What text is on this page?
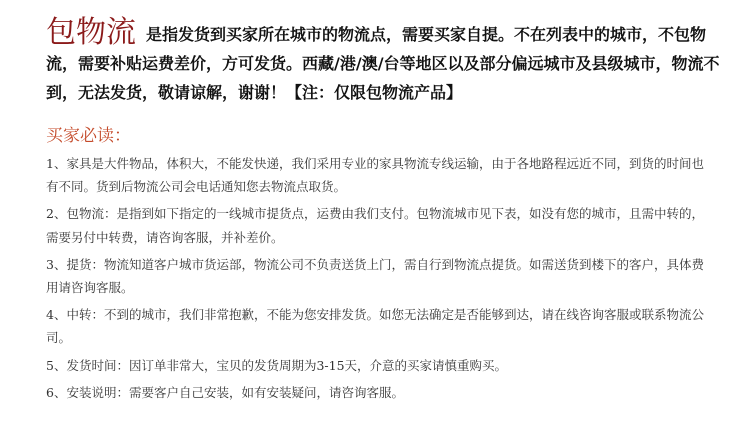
包物流 是指发货到买家所在城市的物流点，需要买家自提。不在列表中的城市，不包物流，需要补贴运费差价，方可发货。西藏/港/澳/台等地区以及部分偏远城市及县级城市，物流不到，无法发货，敬请谅解，谢谢！【注：仅限包物流产品】
买家必读：
1、家具是大件物品，体积大，不能发快递，我们采用专业的家具物流专线运输，由于各地路程远近不同，到货的时间也有不同。货到后物流公司会电话通知您去物流点取货。
2、包物流：是指到如下指定的一线城市提货点，运费由我们支付。包物流城市见下表，如没有您的城市，且需中转的，需要另付中转费，请咨询客服，并补差价。
3、提货：物流知道客户城市货运部，物流公司不负责送货上门，需自行到物流点提货。如需送货到楼下的客户，具体费用请咨询客服。
4、中转：不到的城市，我们非常抱歉，不能为您安排发货。如您无法确定是否能够到达，请在线咨询客服或联系物流公司。
5、发货时间：因订单非常大，宝贝的发货周期为3-15天，介意的买家请慎重购买。
6、安装说明：需要客户自己安装，如有安装疑问，请咨询客服。
